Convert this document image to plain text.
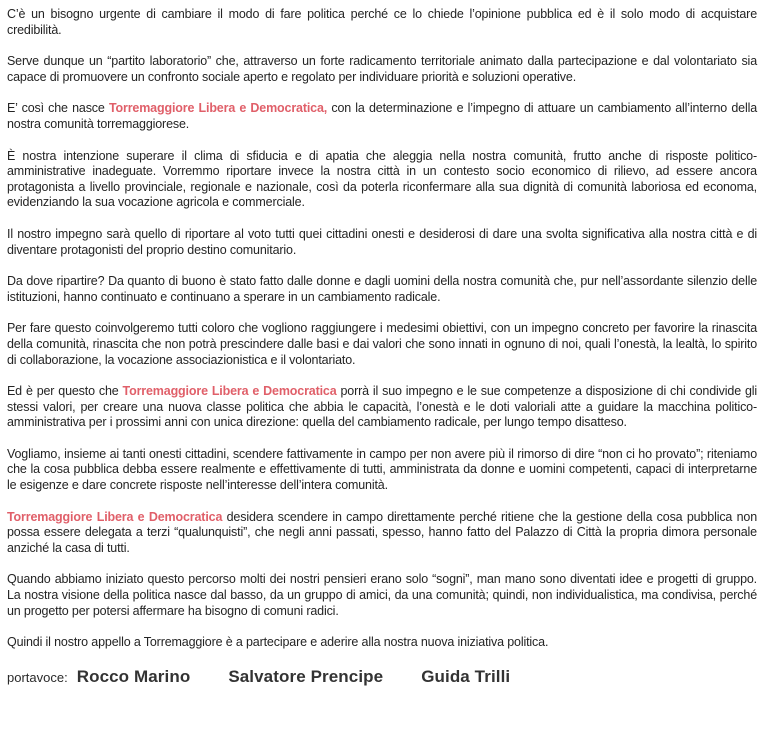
C’è un bisogno urgente di cambiare il modo di fare politica perché ce lo chiede l’opinione pubblica ed è il solo modo di acquistare credibilità.

Serve dunque un “partito laboratorio” che, attraverso un forte radicamento territoriale animato dalla partecipazione e dal volontariato sia capace di promuovere un confronto sociale aperto e regolato per individuare priorità e soluzioni operative.

E’ così che nasce Torremaggiore Libera e Democratica, con la determinazione e l’impegno di attuare un cambiamento all’interno della nostra comunità torremaggiorese.

È nostra intenzione superare il clima di sfiducia e di apatia che aleggia nella nostra comunità, frutto anche di risposte politico-amministrative inadeguate. Vorremmo riportare invece la nostra città in un contesto socio economico di rilievo, ad essere ancora protagonista a livello provinciale, regionale e nazionale, così da poterla riconfermare alla sua dignità di comunità laboriosa ed economa, evidenziando la sua vocazione agricola e commerciale.

Il nostro impegno sarà quello di riportare al voto tutti quei cittadini onesti e desiderosi di dare una svolta significativa alla nostra città e di diventare protagonisti del proprio destino comunitario.

Da dove ripartire? Da quanto di buono è stato fatto dalle donne e dagli uomini della nostra comunità che, pur nell’assordante silenzio delle istituzioni, hanno continuato e continuano a sperare in un cambiamento radicale.

Per fare questo coinvolgeremo tutti coloro che vogliono raggiungere i medesimi obiettivi, con un impegno concreto per favorire la rinascita della comunità, rinascita che non potrà prescindere dalle basi e dai valori che sono innati in ognuno di noi, quali l’onestà, la lealtà, lo spirito di collaborazione, la vocazione associazionistica e il volontariato.

Ed è per questo che Torremaggiore Libera e Democratica porrà il suo impegno e le sue competenze a disposizione di chi condivide gli stessi valori, per creare una nuova classe politica che abbia le capacità, l’onestà e le doti valoriali atte a guidare la macchina politico-amministrativa per i prossimi anni con unica direzione: quella del cambiamento radicale, per lungo tempo disatteso.

Vogliamo, insieme ai tanti onesti cittadini, scendere fattivamente in campo per non avere più il rimorso di dire “non ci ho provato”; riteniamo che la cosa pubblica debba essere realmente e effettivamente di tutti, amministrata da donne e uomini competenti, capaci di interpretarne le esigenze e dare concrete risposte nell’interesse dell’intera comunità.

Torremaggiore Libera e Democratica desidera scendere in campo direttamente perché ritiene che la gestione della cosa pubblica non possa essere delegata a terzi “qualunquisti”, che negli anni passati, spesso, hanno fatto del Palazzo di Città la propria dimora personale anziché la casa di tutti.

Quando abbiamo iniziato questo percorso molti dei nostri pensieri erano solo “sogni”, man mano sono diventati idee e progetti di gruppo. La nostra visione della politica nasce dal basso, da un gruppo di amici, da una comunità; quindi, non individualistica, ma condivisa, perché un progetto per potersi affermare ha bisogno di comuni radici.

Quindi il nostro appello a Torremaggiore è a partecipare e aderire alla nostra nuova iniziativa politica.

portavoce: Rocco Marino Salvatore Prencipe Guida Trilli
